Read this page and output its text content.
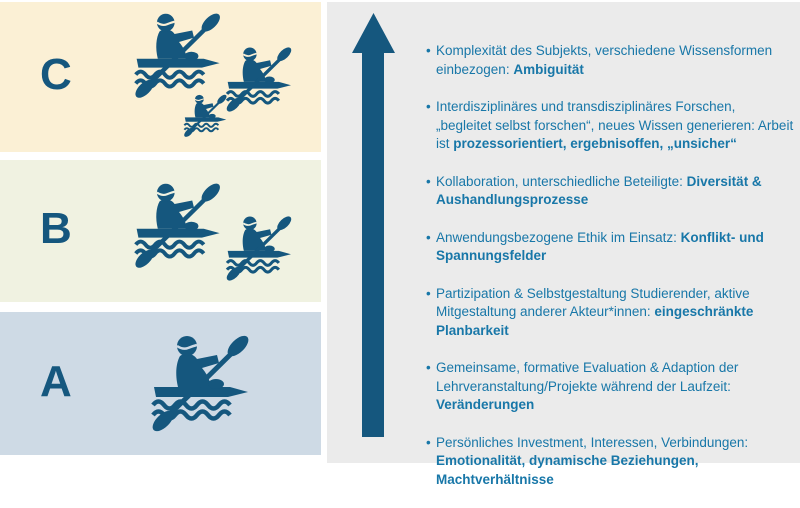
C
B
A
• Komplexität des Subjekts, verschiedene Wissensformen einbezogen: Ambiguität
• Interdisziplinäres und transdisziplinäres Forschen, „begleitet selbst forschen“, neues Wissen generieren: Arbeit ist prozessorientiert, ergebnisoffen, „unsicher“
• Kollaboration, unterschiedliche Beteiligte: Diversität & Aushandlungsprozesse
• Anwendungsbezogene Ethik im Einsatz: Konflikt- und Spannungsfelder
• Partizipation & Selbstgestaltung Studierender, aktive Mitgestaltung anderer Akteur*innen: eingeschränkte Planbarkeit
• Gemeinsame, formative Evaluation & Adaption der Lehrveranstaltung/Projekte während der Laufzeit: Veränderungen
• Persönliches Investment, Interessen, Verbindungen: Emotionalität, dynamische Beziehungen, Machtverhältnisse
